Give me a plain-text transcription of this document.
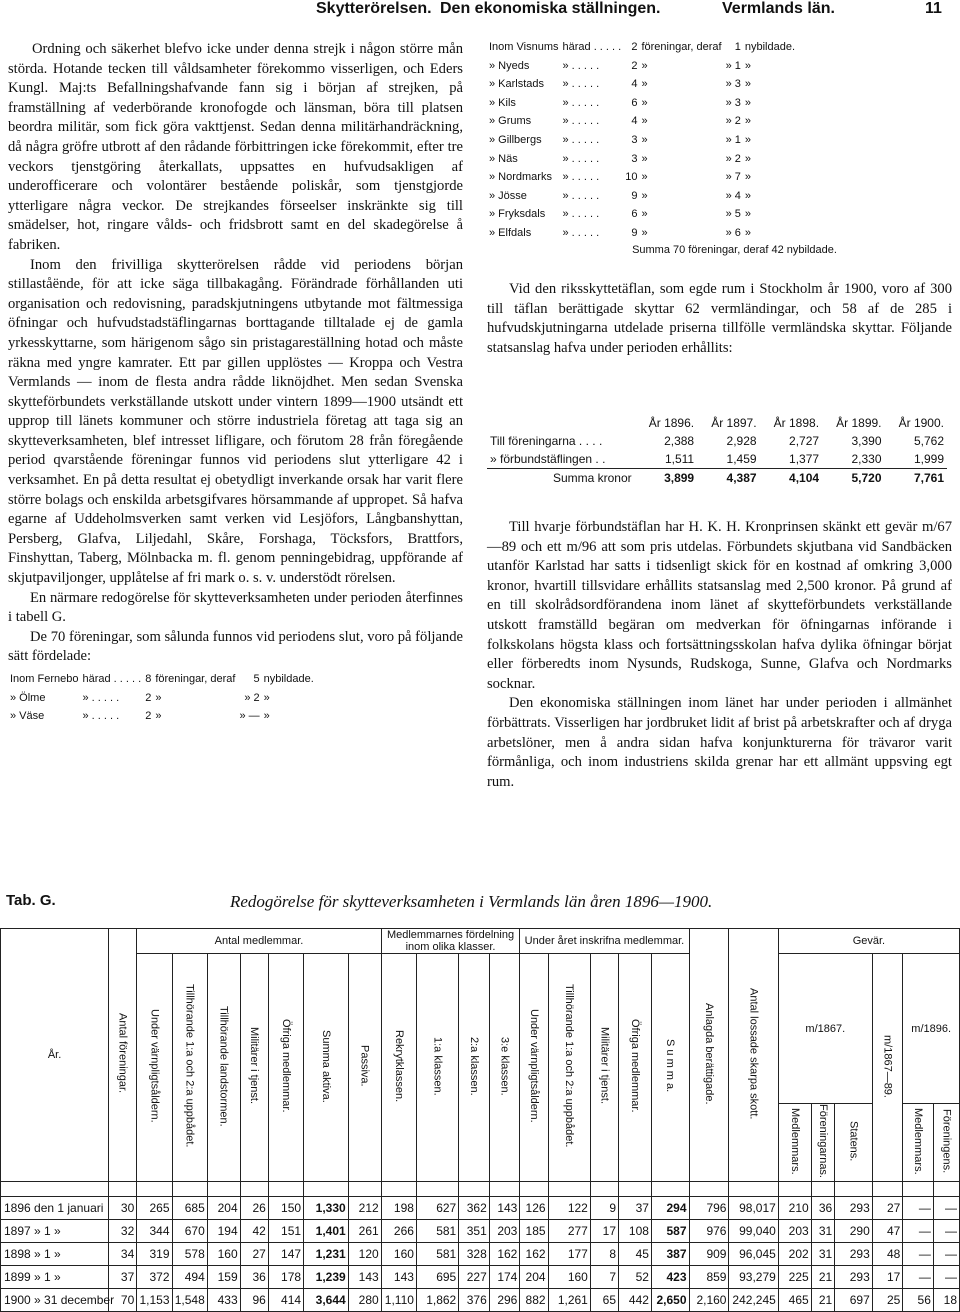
Skytterörelsen. Den ekonomiska ställningen.	Vermlands län.	11

Ordning och säkerhet blefvo icke under denna strejk i någon större mån störda. Hotande tecken till våldsamheter förekommo visserligen, och Eders Kungl. Maj:ts Befallningshafvande fann sig i början af strejken, på framställning af vederbörande kronofogde och länsman, böra till platsen beordra militär, som fick göra vakttjenst. Sedan denna militärhandräckning, då några gröfre utbrott af den rådande förbittringen icke förekommit, efter tre veckors tjenstgöring återkallats, uppsattes en hufvudsakligen af underofficerare och volontärer bestående poliskår, som tjenstgjorde ytterligare några veckor. De strejkandes förseelser inskränkte sig till smädelser, hot, ringare vålds- och fridsbrott samt en del skadegörelse å fabriken.

Inom den frivilliga skytterörelsen rådde vid periodens början stillaståënde, för att icke säga tillbakagång. Förändrade förhållanden uti organisation och redovisning, paradskjutningens utbytande mot fältmessiga öfningar och hufvudstadstäflingarnas borttagande tilltalade ej de gamla yrkesskyttarne, som härigenom sågo sin pristagareställning hotad och måste räkna med yngre kamrater. Ett par gillen upplöstes — Kroppa och Vestra Vermlands — inom de flesta andra rådde liknöjdhet. Men sedan Svenska skytteförbundets verkställande utskott under vintern 1899—1900 utsändt ett upprop till länets kommuner och större industriela företag att taga sig an skytteverksamheten, blef intresset lifligare, och förutom 28 från föregående period qvarstående föreningar funnos vid periodens slut ytterligare 42 i verksamhet. En på detta resultat ej obetydligt inverkande orsak har varit flere större bolags och enskilda arbetsgifvares hörsammande af uppropet. Så hafva egarne af Uddeholmsverken samt verken vid Lesjöfors, Långbanshyttan, Persberg, Glafva, Liljedahl, Skåre, Forshaga, Töcksfors, Brattfors, Finshyttan, Taberg, Mölnbacka m. fl. genom penningebidrag, uppförande af skjutpaviljonger, upplåtelse af fri mark o. s. v. understödt rörelsen.

En närmare redogörelse för skytteverksamheten under perioden återfinnes i tabell G.

De 70 föreningar, som sålunda funnos vid periodens slut, voro på följande sätt fördelade:

Inom Fernebo	härad . . . . .	8	föreningar, deraf	5	nybildade.
» Ölme	» . . . . .	2	»	» 2	»
» Väse	» . . . . .	2	»	» —	»
Inom Visnums	härad . . . . .	2	föreningar, deraf	1	nybildade.
» Nyeds	» . . . . .	2	»	» 1	»
» Karlstads	» . . . . .	4	»	» 3	»
» Kils	» . . . . .	6	»	» 3	»
» Grums	» . . . . .	4	»	» 2	»
» Gillbergs	» . . . . .	3	»	» 1	»
» Näs	» . . . . .	3	»	» 2	»
» Nordmarks	» . . . . .	10	»	» 7	»
» Jösse	» . . . . .	9	»	» 4	»
» Fryksdals	» . . . . .	6	»	» 5	»
» Elfdals	» . . . . .	9	»	» 6	»
Summa 70 föreningar, deraf 42 nybildade.

Vid den riksskyttetäflan, som egde rum i Stockholm år 1900, voro af 300 till täflan berättigade skyttar 62 vermländingar, och 58 af de 285 i hufvudskjutningarna utdelade priserna tillfölle vermländska skyttar. Följande statsanslag hafva under perioden erhållits:

	År 1896.	År 1897.	År 1898.	År 1899.	År 1900.
Till föreningarna . . . .	2,388	2,928	2,727	3,390	5,762
» förbundstäflingen . .	1,511	1,459	1,377	2,330	1,999
Summa kronor	3,899	4,387	4,104	5,720	7,761

Till hvarje förbundstäflan har H. K. H. Kronprinsen skänkt ett gevär m/67—89 och ett m/96 att som pris utdelas. Förbundets skjutbana vid Sandbäcken utanför Karlstad har satts i tidsenligt skick för en kostnad af omkring 3,000 kronor, hvartill tillsvidare erhållits statsanslag med 2,500 kronor. På grund af en till skolrådsordförandena inom länet af skytteförbundets verkställande utskott framställd begäran om medverkan för öfningarnas införande i folkskolans högsta klass och fortsättningsskolan hafva dylika öfningar börjat eller förberedts inom Nysunds, Rudskoga, Sunne, Glafva och Nordmarks socknar.

Den ekonomiska ställningen inom länet har under perioden i allmänhet förbättrats. Visserligen har jordbruket lidit af brist på arbetskrafter och af dryga arbetslöner, men å andra sidan hafva konjunkturerna för trävaror varit förmånliga, och inom industriens skilda grenar har ett allmänt uppsving egt rum.

Tab. G.	Redogörelse för skytteverksamheten i Vermlands län åren 1896—1900.
År.	Antal föreningar.	Antal medlemmar.							Medlemmarnes fördelning inom olika klasser.				Under året inskrifna medlemmar.					Anlagda berättigade.	Antal lossade skarpa skott.	Gevär.					
		Under värnpligtsåldern.	Tillhörande 1:a och 2:a uppbådet.	Tillhörande landstormen.	Militärer i tjenst.	Öfriga medlemmar.	Summa aktiva.	Passiva.	Rekrytklassen.	1:a klassen.	2:a klassen.	3:e klassen.	Under värnpligtsåldern.	Tillhörande 1:a och 2:a uppbådet.	Militärer i tjenst.	Öfriga medlemmar.	S u m m a.			m/1867.			m/1867—89.	m/1896.	
																				Medlemmars.	Föreningarnas.	Statens.		Medlemmars.	Föreningens.

1896 den 1 januari	30	265	685	204	26	150	1,330	212	198	627	362	143	126	122	9	37	294	796	98,017	210	36	293	27	—	—
1897 » 1 »	32	344	670	194	42	151	1,401	261	266	581	351	203	185	277	17	108	587	976	99,040	203	31	290	47	—	—
1898 » 1 »	34	319	578	160	27	147	1,231	120	160	581	328	162	162	177	8	45	387	909	96,045	202	31	293	48	—	—
1899 » 1 »	37	372	494	159	36	178	1,239	143	143	695	227	174	204	160	7	52	423	859	93,279	225	21	293	17	—	—
1900 » 31 december	70	1,153	1,548	433	96	414	3,644	280	1,110	1,862	376	296	882	1,261	65	442	2,650	2,160	242,245	465	21	697	25	56	18
